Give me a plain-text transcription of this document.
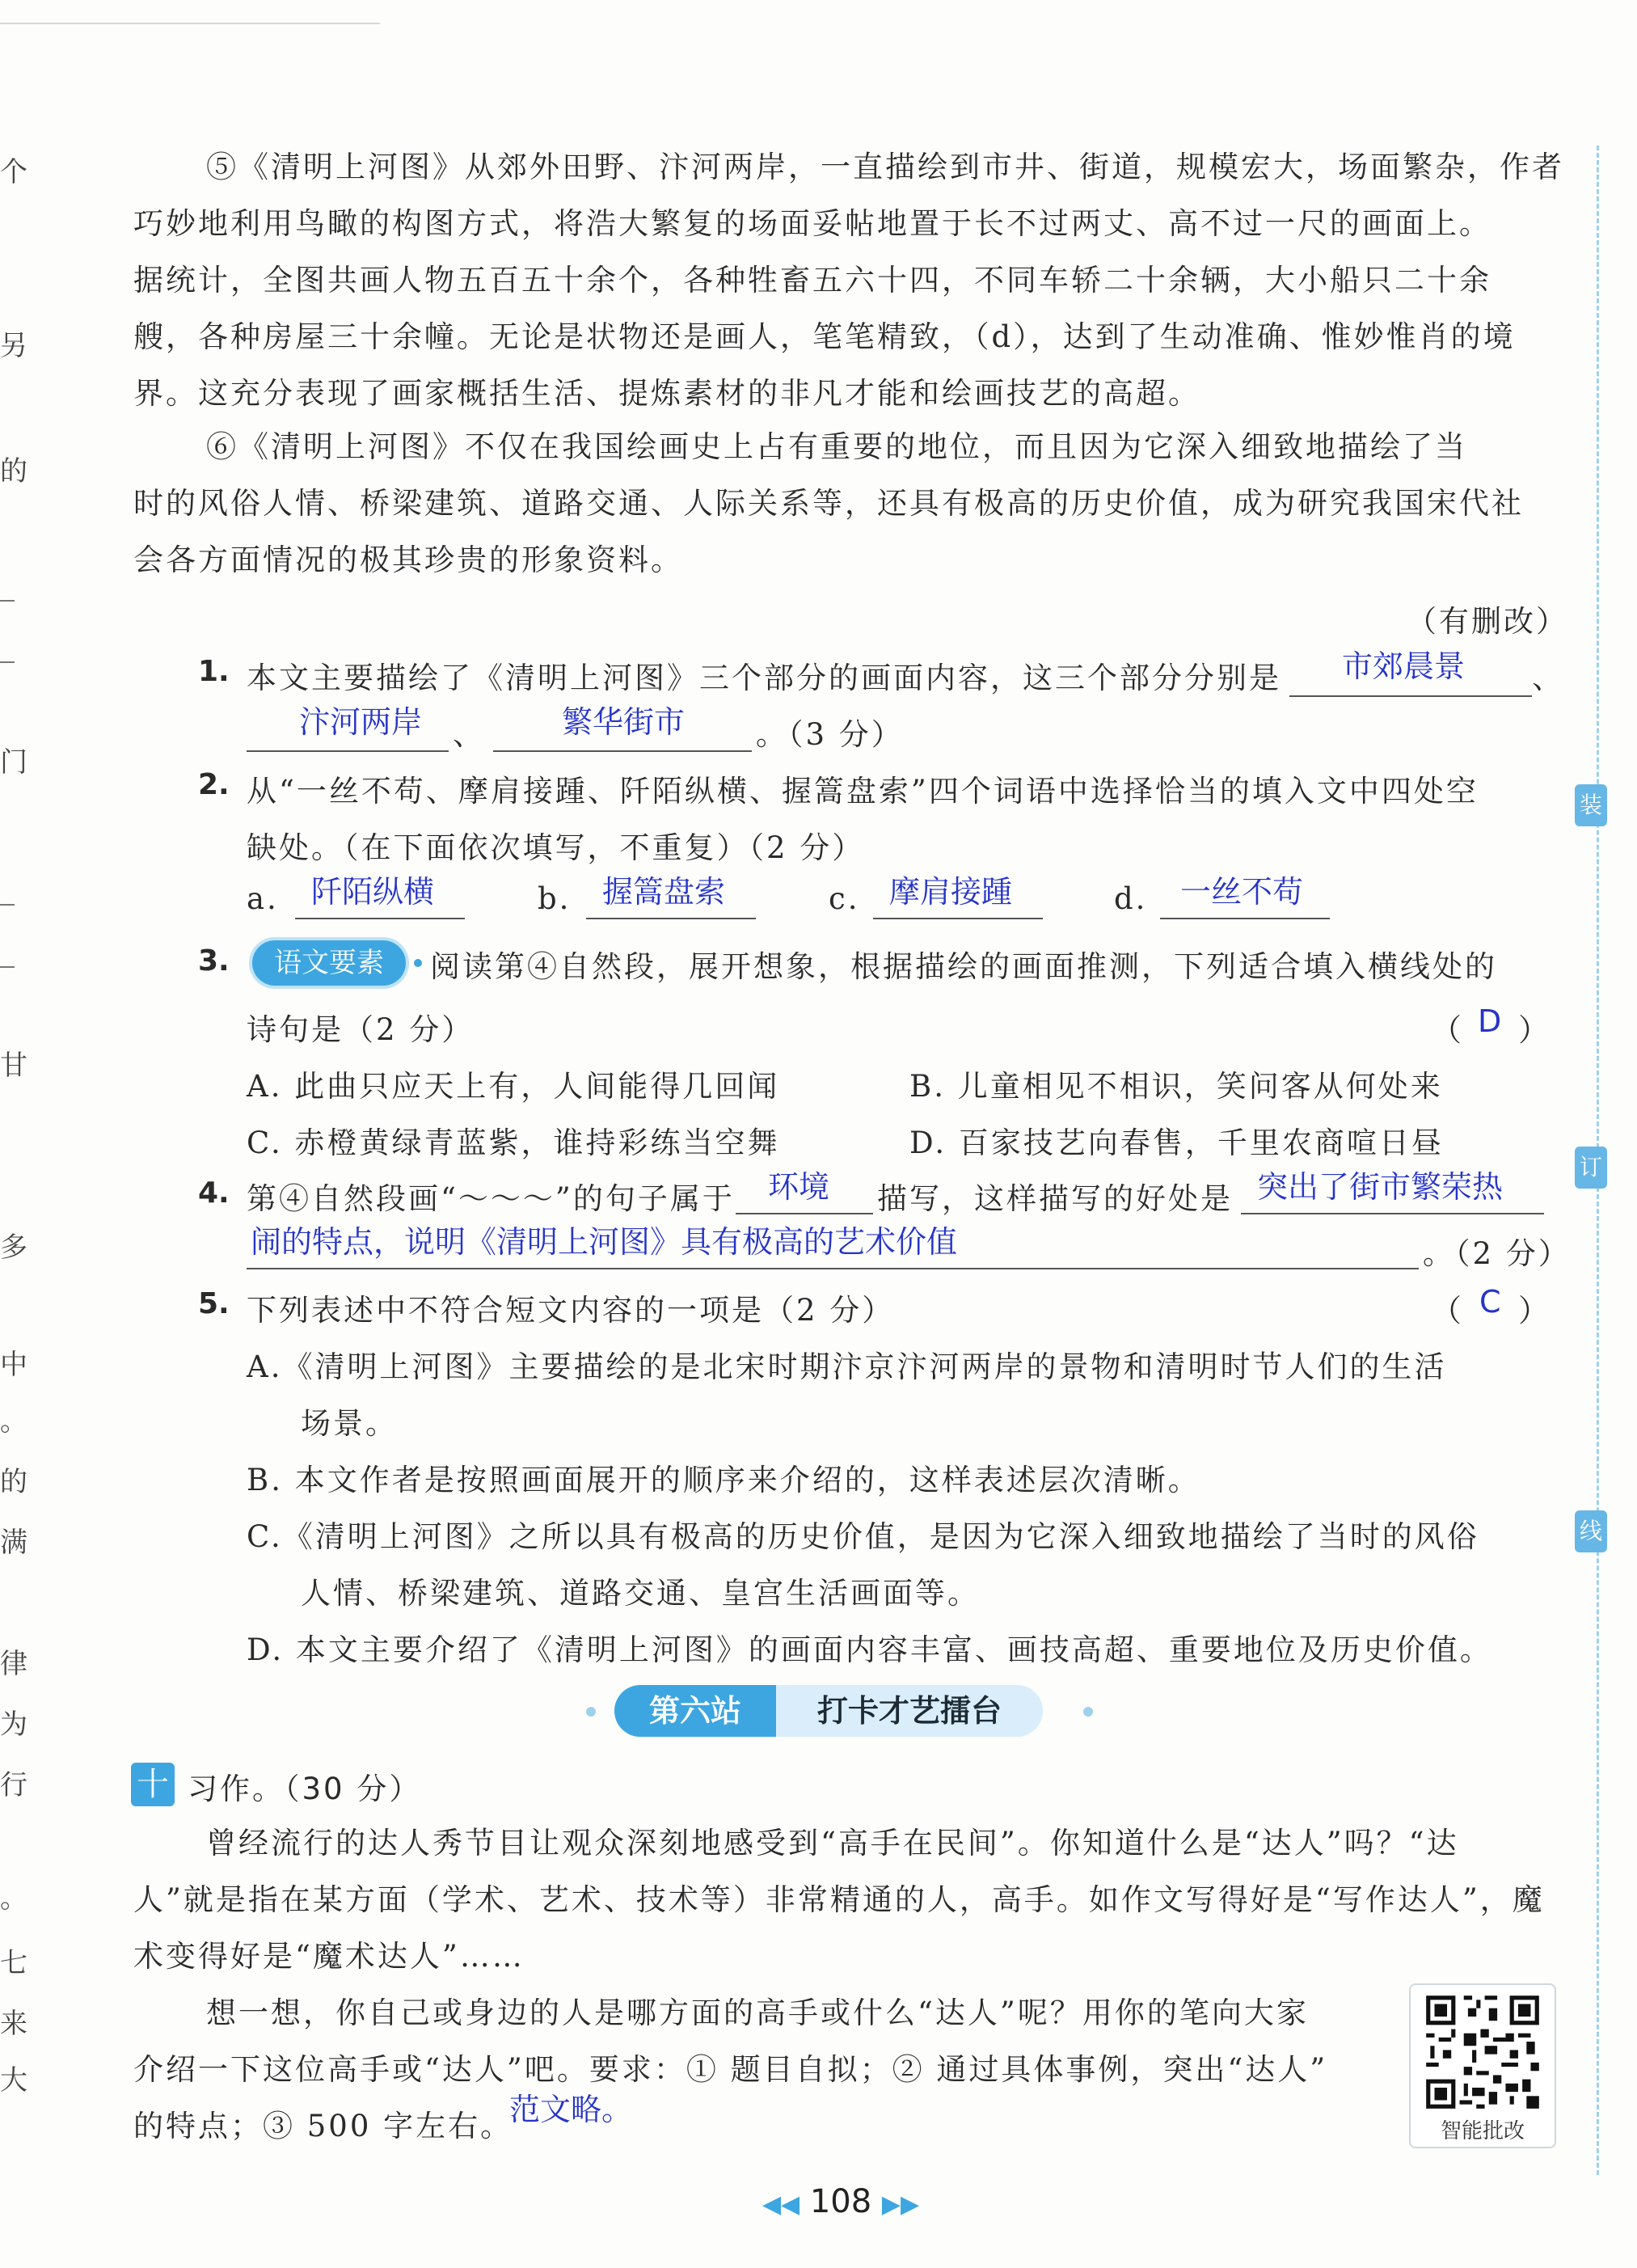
个
另
的
门
甘
多
中
。
的
满
律
为
行
。
七
来
大
装
订
线
⑤《清明上河图》从郊外田野、汴河两岸，一直描绘到市井、街道，规模宏大，场面繁杂，作者
巧妙地利用鸟瞰的构图方式，将浩大繁复的场面妥帖地置于长不过两丈、高不过一尺的画面上。
据统计，全图共画人物五百五十余个，各种牲畜五六十四，不同车轿二十余辆，大小船只二十余
艘，各种房屋三十余幢。无论是状物还是画人，笔笔精致，（d），达到了生动准确、惟妙惟肖的境
界。这充分表现了画家概括生活、提炼素材的非凡才能和绘画技艺的高超。
⑥《清明上河图》不仅在我国绘画史上占有重要的地位，而且因为它深入细致地描绘了当
时的风俗人情、桥梁建筑、道路交通、人际关系等，还具有极高的历史价值，成为研究我国宋代社
会各方面情况的极其珍贵的形象资料。
（有删改）
1. 本文主要描绘了《清明上河图》三个部分的画面内容，这三个部分分别是 市郊晨景 、
汴河两岸 、	繁华街市 。（3 分）
2. 从“一丝不苟、摩肩接踵、阡陌纵横、握篙盘索”四个词语中选择恰当的填入文中四处空
缺处。（在下面依次填写，不重复）（2 分）
a. 阡陌纵横	b. 握篙盘索	c. 摩肩接踵	d. 一丝不苟
3.	语文要素	阅读第④自然段，展开想象，根据描绘的画面推测，下列适合填入横线处的
诗句是（2 分）	（ D ）
A. 此曲只应天上有，人间能得几回闻	B. 儿童相见不相识，笑问客从何处来
C. 赤橙黄绿青蓝紫，谁持彩练当空舞	D. 百家技艺向春售，千里农商喧日昼
4. 第④自然段画“～～～”的句子属于 环境 描写，这样描写的好处是 突出了街市繁荣热
闹的特点，说明《清明上河图》具有极高的艺术价值	。（2 分）
5. 下列表述中不符合短文内容的一项是（2 分）	（ C ）
A.《清明上河图》主要描绘的是北宋时期汴京汴河两岸的景物和清明时节人们的生活
场景。
B. 本文作者是按照画面展开的顺序来介绍的，这样表述层次清晰。
C.《清明上河图》之所以具有极高的历史价值，是因为它深入细致地描绘了当时的风俗
人情、桥梁建筑、道路交通、皇宫生活画面等。
D. 本文主要介绍了《清明上河图》的画面内容丰富、画技高超、重要地位及历史价值。
第六站	打卡才艺擂台
十 习作。（30 分）
曾经流行的达人秀节目让观众深刻地感受到“高手在民间”。你知道什么是“达人”吗？“达
人”就是指在某方面（学术、艺术、技术等）非常精通的人，高手。如作文写得好是“写作达人”，魔
术变得好是“魔术达人”……
想一想，你自己或身边的人是哪方面的高手或什么“达人”呢？用你的笔向大家
介绍一下这位高手或“达人”吧。要求：① 题目自拟；② 通过具体事例，突出“达人”
的特点；③ 500 字左右。
范文略。
智能批改
◀◀ 108 ▶▶
